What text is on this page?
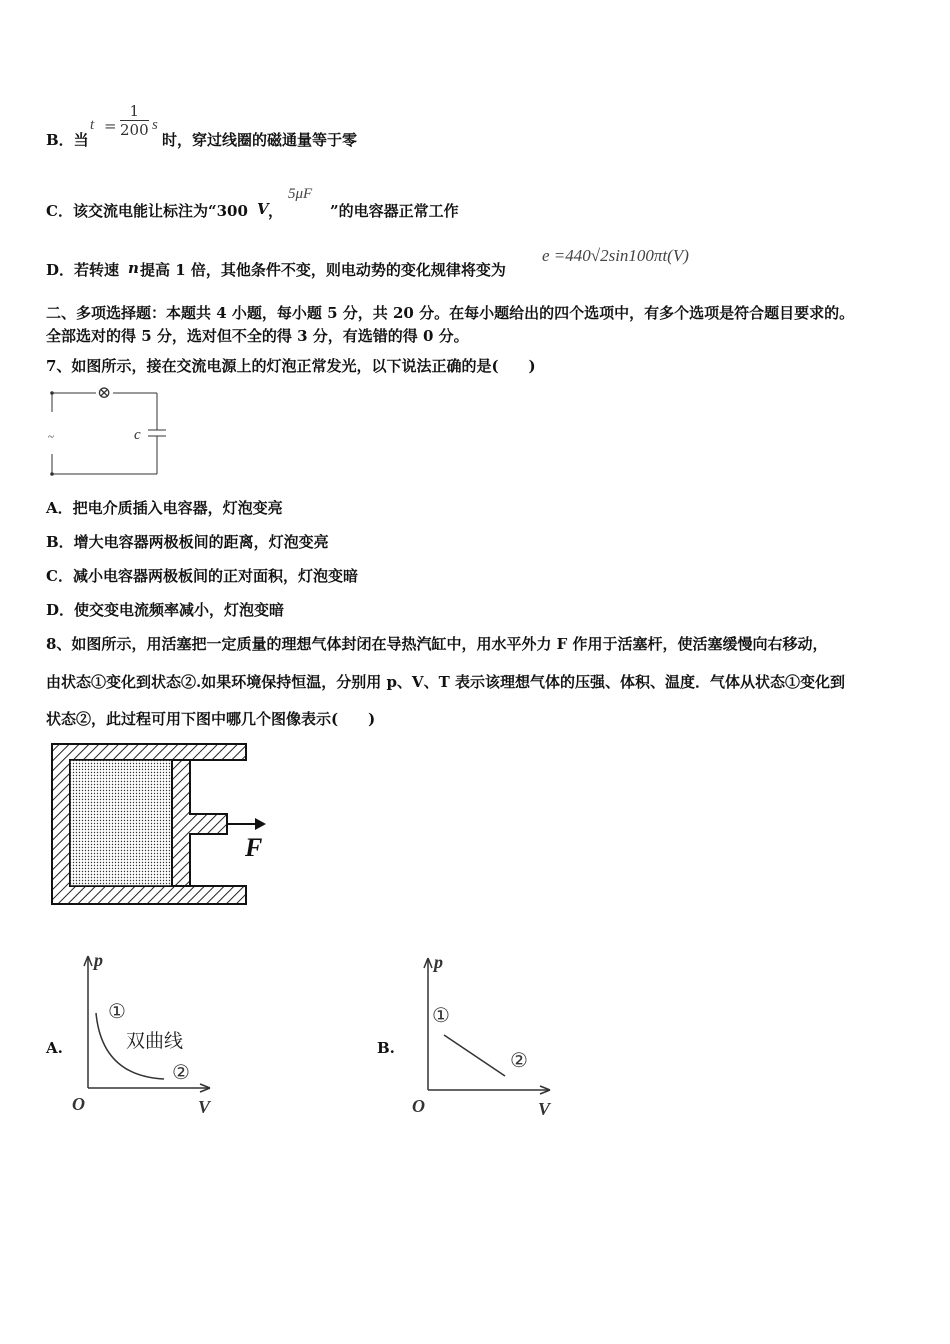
B．当
$t = \frac{1}{200}$ s
时，穿过线圈的磁通量等于零
C．该交流电能让标注为“300 V ，
5μF
”的电容器正常工作
D．若转速 n 提高 1 倍，其他条件不变，则电动势的变化规律将变为
e =440√2sin100πt(V)
二、多项选择题：本题共 4 小题，每小题 5 分，共 20 分。在每小题给出的四个选项中，有多个选项是符合题目要求的。
全部选对的得 5 分，选对但不全的得 3 分，有选错的得 0 分。
7、如图所示，接在交流电源上的灯泡正常发光，以下说法正确的是(　　)
⊗
c
~
A．把电介质插入电容器，灯泡变亮
B．增大电容器两极板间的距离，灯泡变亮
C．减小电容器两极板间的正对面积，灯泡变暗
D．使交变电流频率减小，灯泡变暗
8、如图所示，用活塞把一定质量的理想气体封闭在导热汽缸中，用水平外力 F 作用于活塞杆，使活塞缓慢向右移动，
由状态①变化到状态②.如果环境保持恒温，分别用 p、V、T 表示该理想气体的压强、体积、温度．气体从状态①变化到
状态②，此过程可用下图中哪几个图像表示(　　)
F
A.
p
V
O
①
②
双曲线	B.
p
V
O
①
②
